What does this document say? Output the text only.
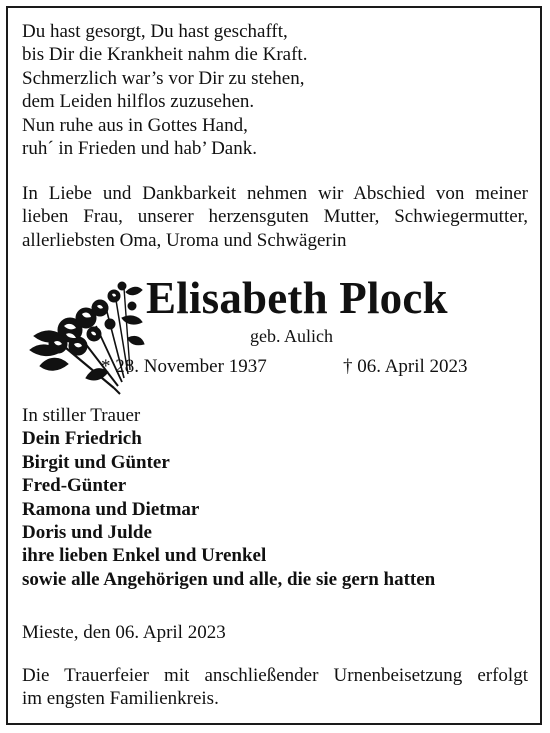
Du hast gesorgt, Du hast geschafft,
bis Dir die Krankheit nahm die Kraft.
Schmerzlich war’s vor Dir zu stehen,
dem Leiden hilflos zuzusehen.
Nun ruhe aus in Gottes Hand,
ruh´ in Frieden und hab’ Dank.
In Liebe und Dankbarkeit nehmen wir Abschied von meiner
lieben Frau, unserer herzensguten Mutter, Schwiegermutter,
allerliebsten Oma, Uroma und Schwägerin
Elisabeth Plock
geb. Aulich
* 28. November 1937	† 06. April 2023
In stiller Trauer
Dein Friedrich
Birgit und Günter
Fred-Günter
Ramona und Dietmar
Doris und Julde
ihre lieben Enkel und Urenkel
sowie alle Angehörigen und alle, die sie gern hatten
Mieste, den 06. April 2023
Die Trauerfeier mit anschließender Urnenbeisetzung erfolgt
im engsten Familienkreis.
